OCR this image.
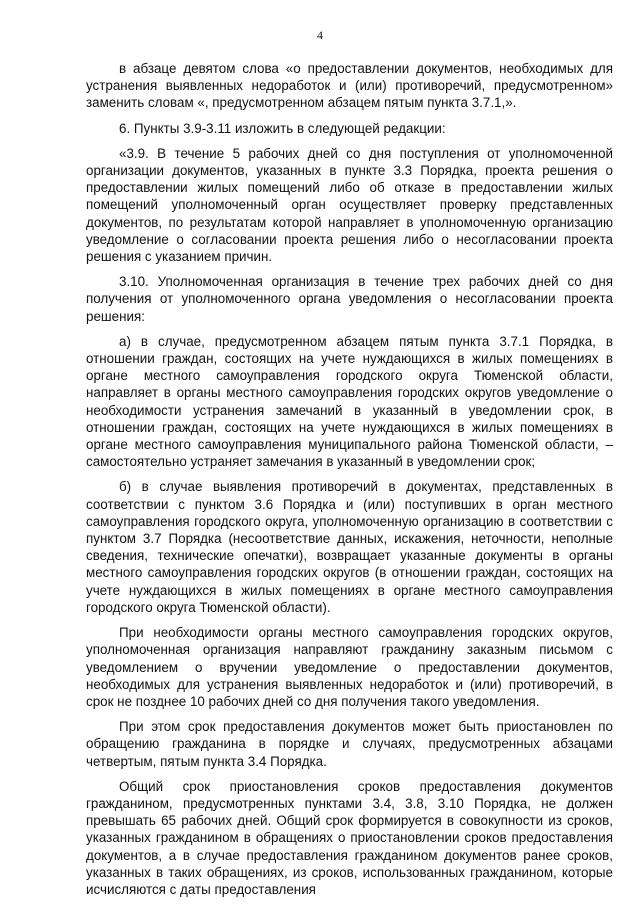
4

в абзаце девятом слова «о предоставлении документов, необходимых для устранения выявленных недоработок и (или) противоречий, предусмотренном» заменить словам «, предусмотренном абзацем пятым пункта 3.7.1,».

6. Пункты 3.9-3.11 изложить в следующей редакции:

«3.9. В течение 5 рабочих дней со дня поступления от уполномоченной организации документов, указанных в пункте 3.3 Порядка, проекта решения о предоставлении жилых помещений либо об отказе в предоставлении жилых помещений уполномоченный орган осуществляет проверку представленных документов, по результатам которой направляет в уполномоченную организацию уведомление о согласовании проекта решения либо о несогласовании проекта решения с указанием причин.

3.10. Уполномоченная организация в течение трех рабочих дней со дня получения от уполномоченного органа уведомления о несогласовании проекта решения:

а) в случае, предусмотренном абзацем пятым пункта 3.7.1 Порядка, в отношении граждан, состоящих на учете нуждающихся в жилых помещениях в органе местного самоуправления городского округа Тюменской области, направляет в органы местного самоуправления городских округов уведомление о необходимости устранения замечаний в указанный в уведомлении срок, в отношении граждан, состоящих на учете нуждающихся в жилых помещениях в органе местного самоуправления муниципального района Тюменской области, – самостоятельно устраняет замечания в указанный в уведомлении срок;

б) в случае выявления противоречий в документах, представленных в соответствии с пунктом 3.6 Порядка и (или) поступивших в орган местного самоуправления городского округа, уполномоченную организацию в соответствии с пунктом 3.7 Порядка (несоответствие данных, искажения, неточности, неполные сведения, технические опечатки), возвращает указанные документы в органы местного самоуправления городских округов (в отношении граждан, состоящих на учете нуждающихся в жилых помещениях в органе местного самоуправления городского округа Тюменской области).

При необходимости органы местного самоуправления городских округов, уполномоченная организация направляют гражданину заказным письмом с уведомлением о вручении уведомление о предоставлении документов, необходимых для устранения выявленных недоработок и (или) противоречий, в срок не позднее 10 рабочих дней со дня получения такого уведомления.

При этом срок предоставления документов может быть приостановлен по обращению гражданина в порядке и случаях, предусмотренных абзацами четвертым, пятым пункта 3.4 Порядка.

Общий срок приостановления сроков предоставления документов гражданином, предусмотренных пунктами 3.4, 3.8, 3.10 Порядка, не должен превышать 65 рабочих дней. Общий срок формируется в совокупности из сроков, указанных гражданином в обращениях о приостановлении сроков предоставления документов, а в случае предоставления гражданином документов ранее сроков, указанных в таких обращениях, из сроков, использованных гражданином, которые исчисляются с даты предоставления
